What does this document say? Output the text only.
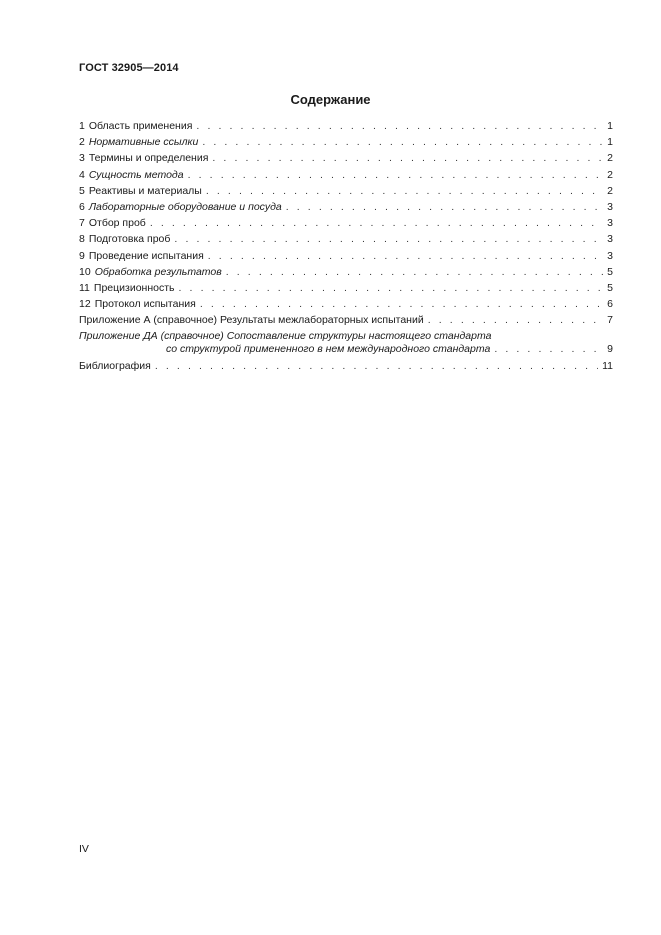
ГОСТ 32905—2014
Содержание
1 Область применения . . .	1
2 Нормативные ссылки . . .	1
3 Термины и определения . . .	2
4 Сущность метода . . .	2
5 Реактивы и материалы . . .	2
6 Лабораторные оборудование и посуда . . .	3
7 Отбор проб . . .	3
8 Подготовка проб . . .	3
9 Проведение испытания . . .	3
10 Обработка результатов . . .	5
11 Прецизионность . . .	5
12 Протокол испытания . . .	6
Приложение А (справочное) Результаты межлабораторных испытаний . . .	7
Приложение ДА (справочное) Сопоставление структуры настоящего стандарта
со структурой примененного в нем международного стандарта . . .	9
Библиография . . .	11
IV
